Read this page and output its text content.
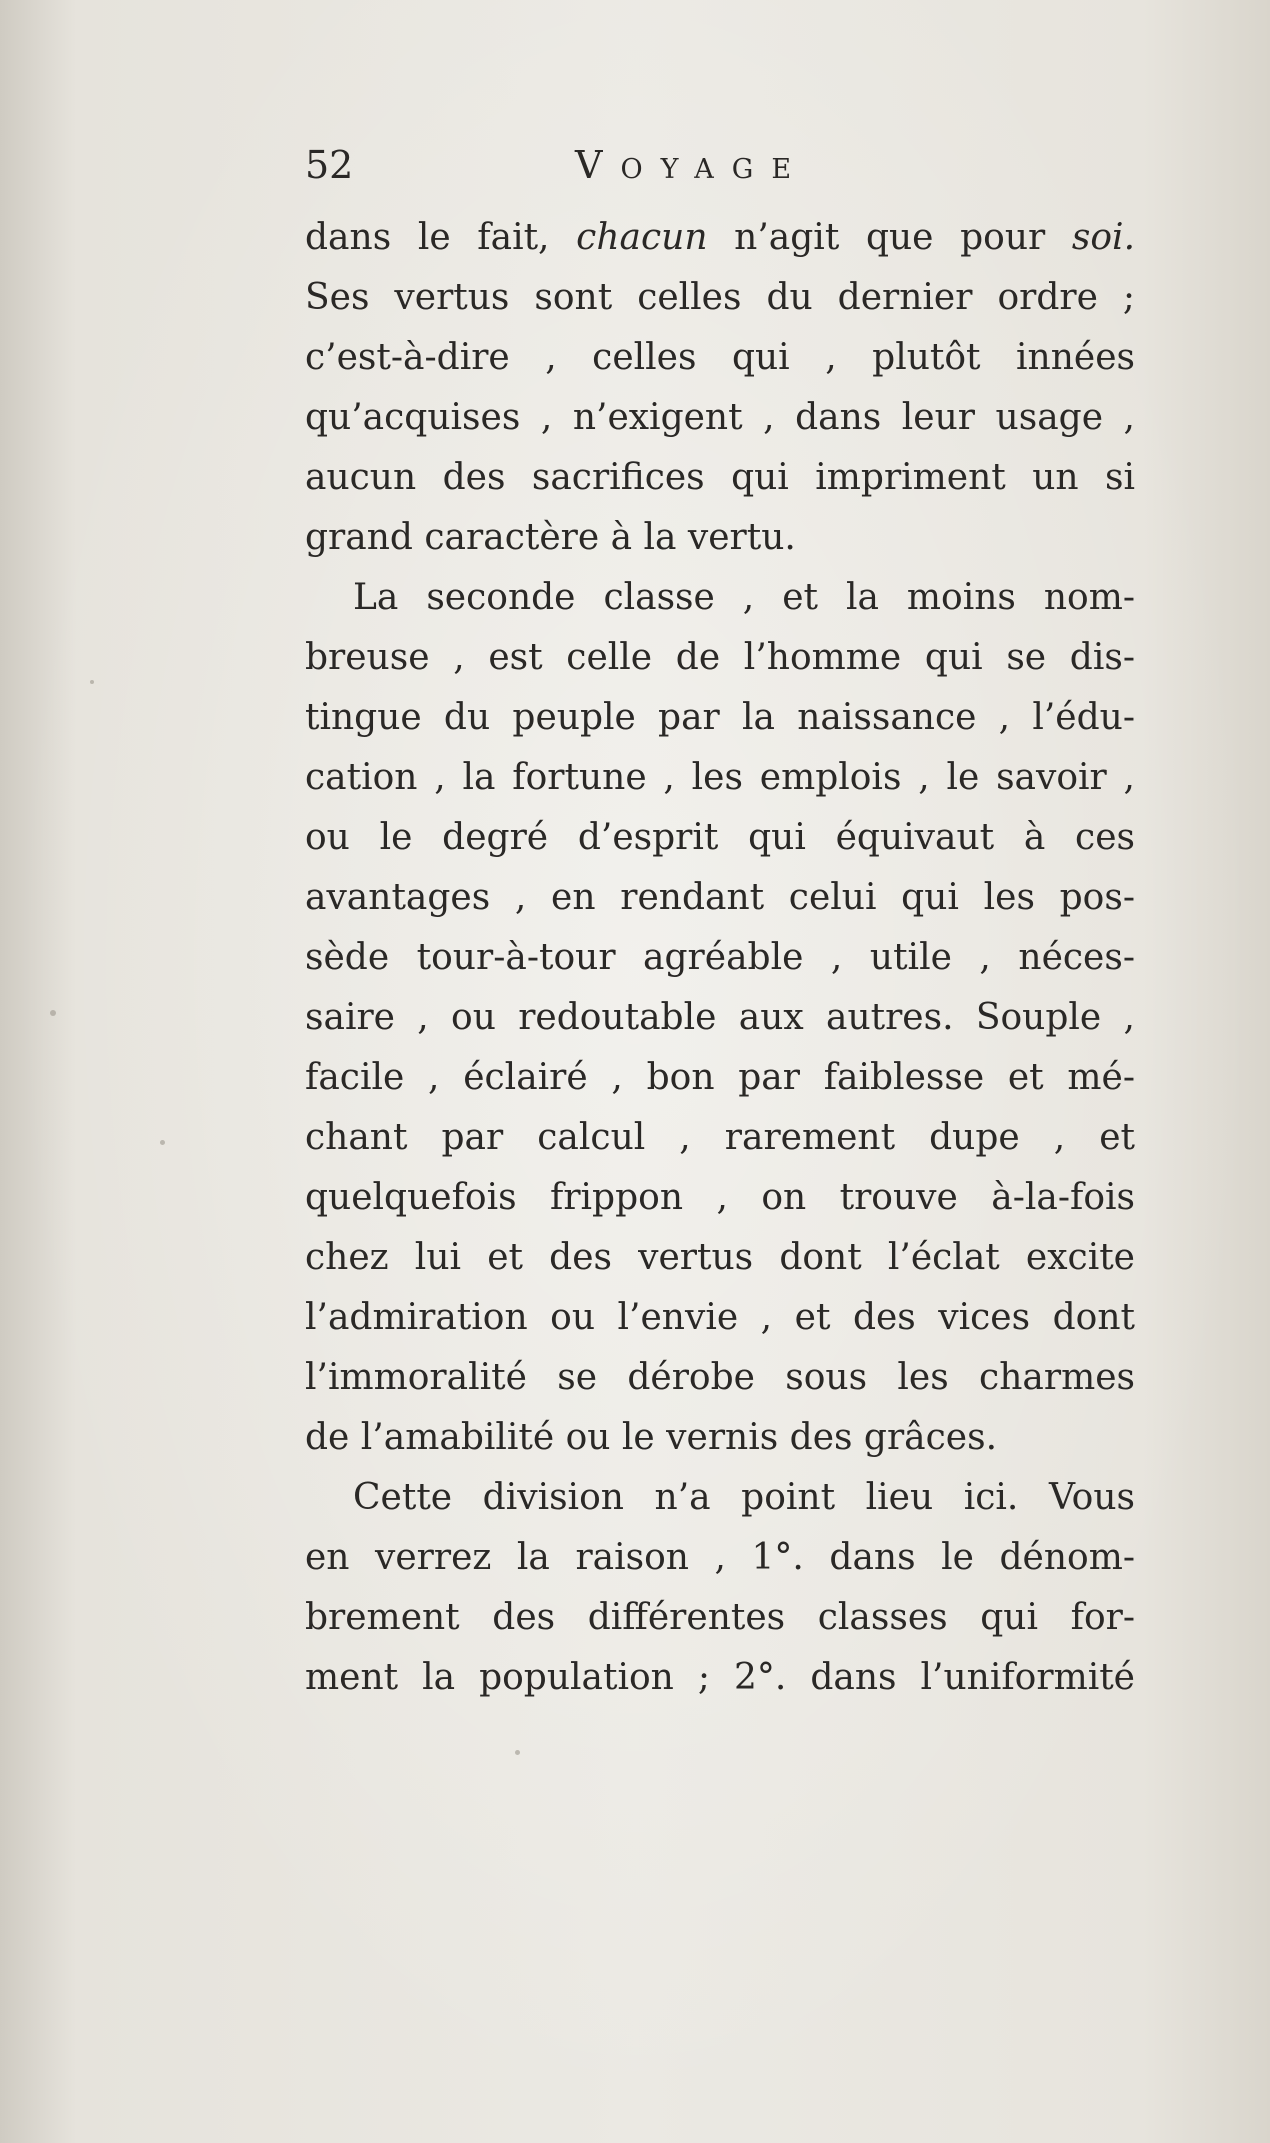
52	Voyage
dans le fait, chacun n’agit que pour soi.
Ses vertus sont celles du dernier ordre ;
c’est-à-dire , celles qui , plutôt innées
qu’acquises , n’exigent , dans leur usage ,
aucun des sacrifices qui impriment un si
grand caractère à la vertu.
La seconde classe , et la moins nom-
breuse , est celle de l’homme qui se dis-
tingue du peuple par la naissance , l’édu-
cation , la fortune , les emplois , le savoir ,
ou le degré d’esprit qui équivaut à ces
avantages , en rendant celui qui les pos-
sède tour-à-tour agréable , utile , néces-
saire , ou redoutable aux autres. Souple ,
facile , éclairé , bon par faiblesse et mé-
chant par calcul , rarement dupe , et
quelquefois frippon , on trouve à-la-fois
chez lui et des vertus dont l’éclat excite
l’admiration ou l’envie , et des vices dont
l’immoralité se dérobe sous les charmes
de l’amabilité ou le vernis des grâces.
Cette division n’a point lieu ici. Vous
en verrez la raison , 1°. dans le dénom-
brement des différentes classes qui for-
ment la population ; 2°. dans l’uniformité
